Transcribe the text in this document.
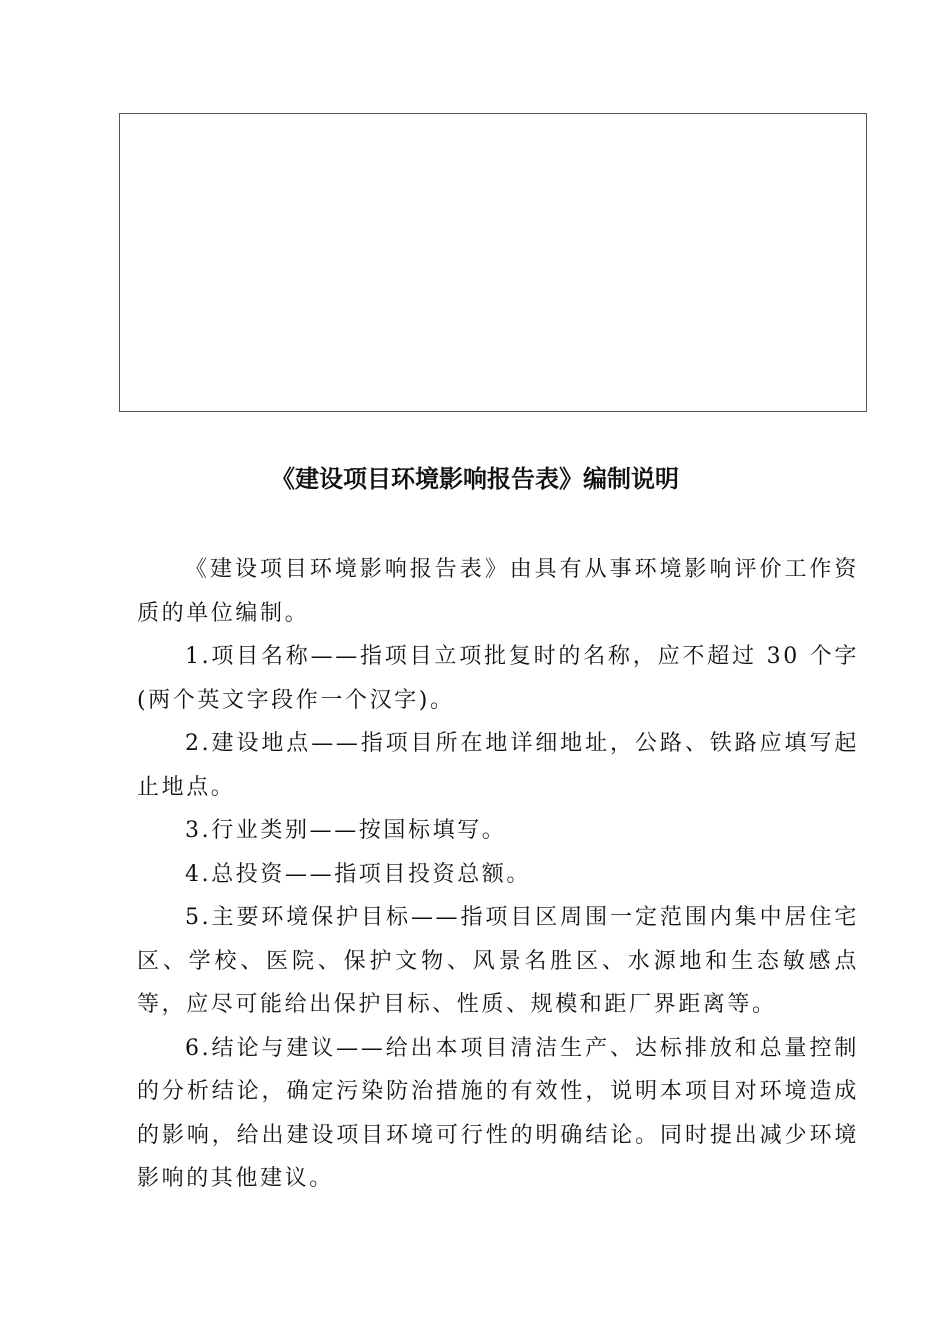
《建设项目环境影响报告表》编制说明

《建设项目环境影响报告表》由具有从事环境影响评价工作资质的单位编制。

1.项目名称——指项目立项批复时的名称，应不超过 30 个字(两个英文字段作一个汉字)。

2.建设地点——指项目所在地详细地址，公路、铁路应填写起止地点。

3.行业类别——按国标填写。

4.总投资——指项目投资总额。

5.主要环境保护目标——指项目区周围一定范围内集中居住宅区、学校、医院、保护文物、风景名胜区、水源地和生态敏感点等，应尽可能给出保护目标、性质、规模和距厂界距离等。

6.结论与建议——给出本项目清洁生产、达标排放和总量控制的分析结论，确定污染防治措施的有效性，说明本项目对环境造成的影响，给出建设项目环境可行性的明确结论。同时提出减少环境影响的其他建议。
